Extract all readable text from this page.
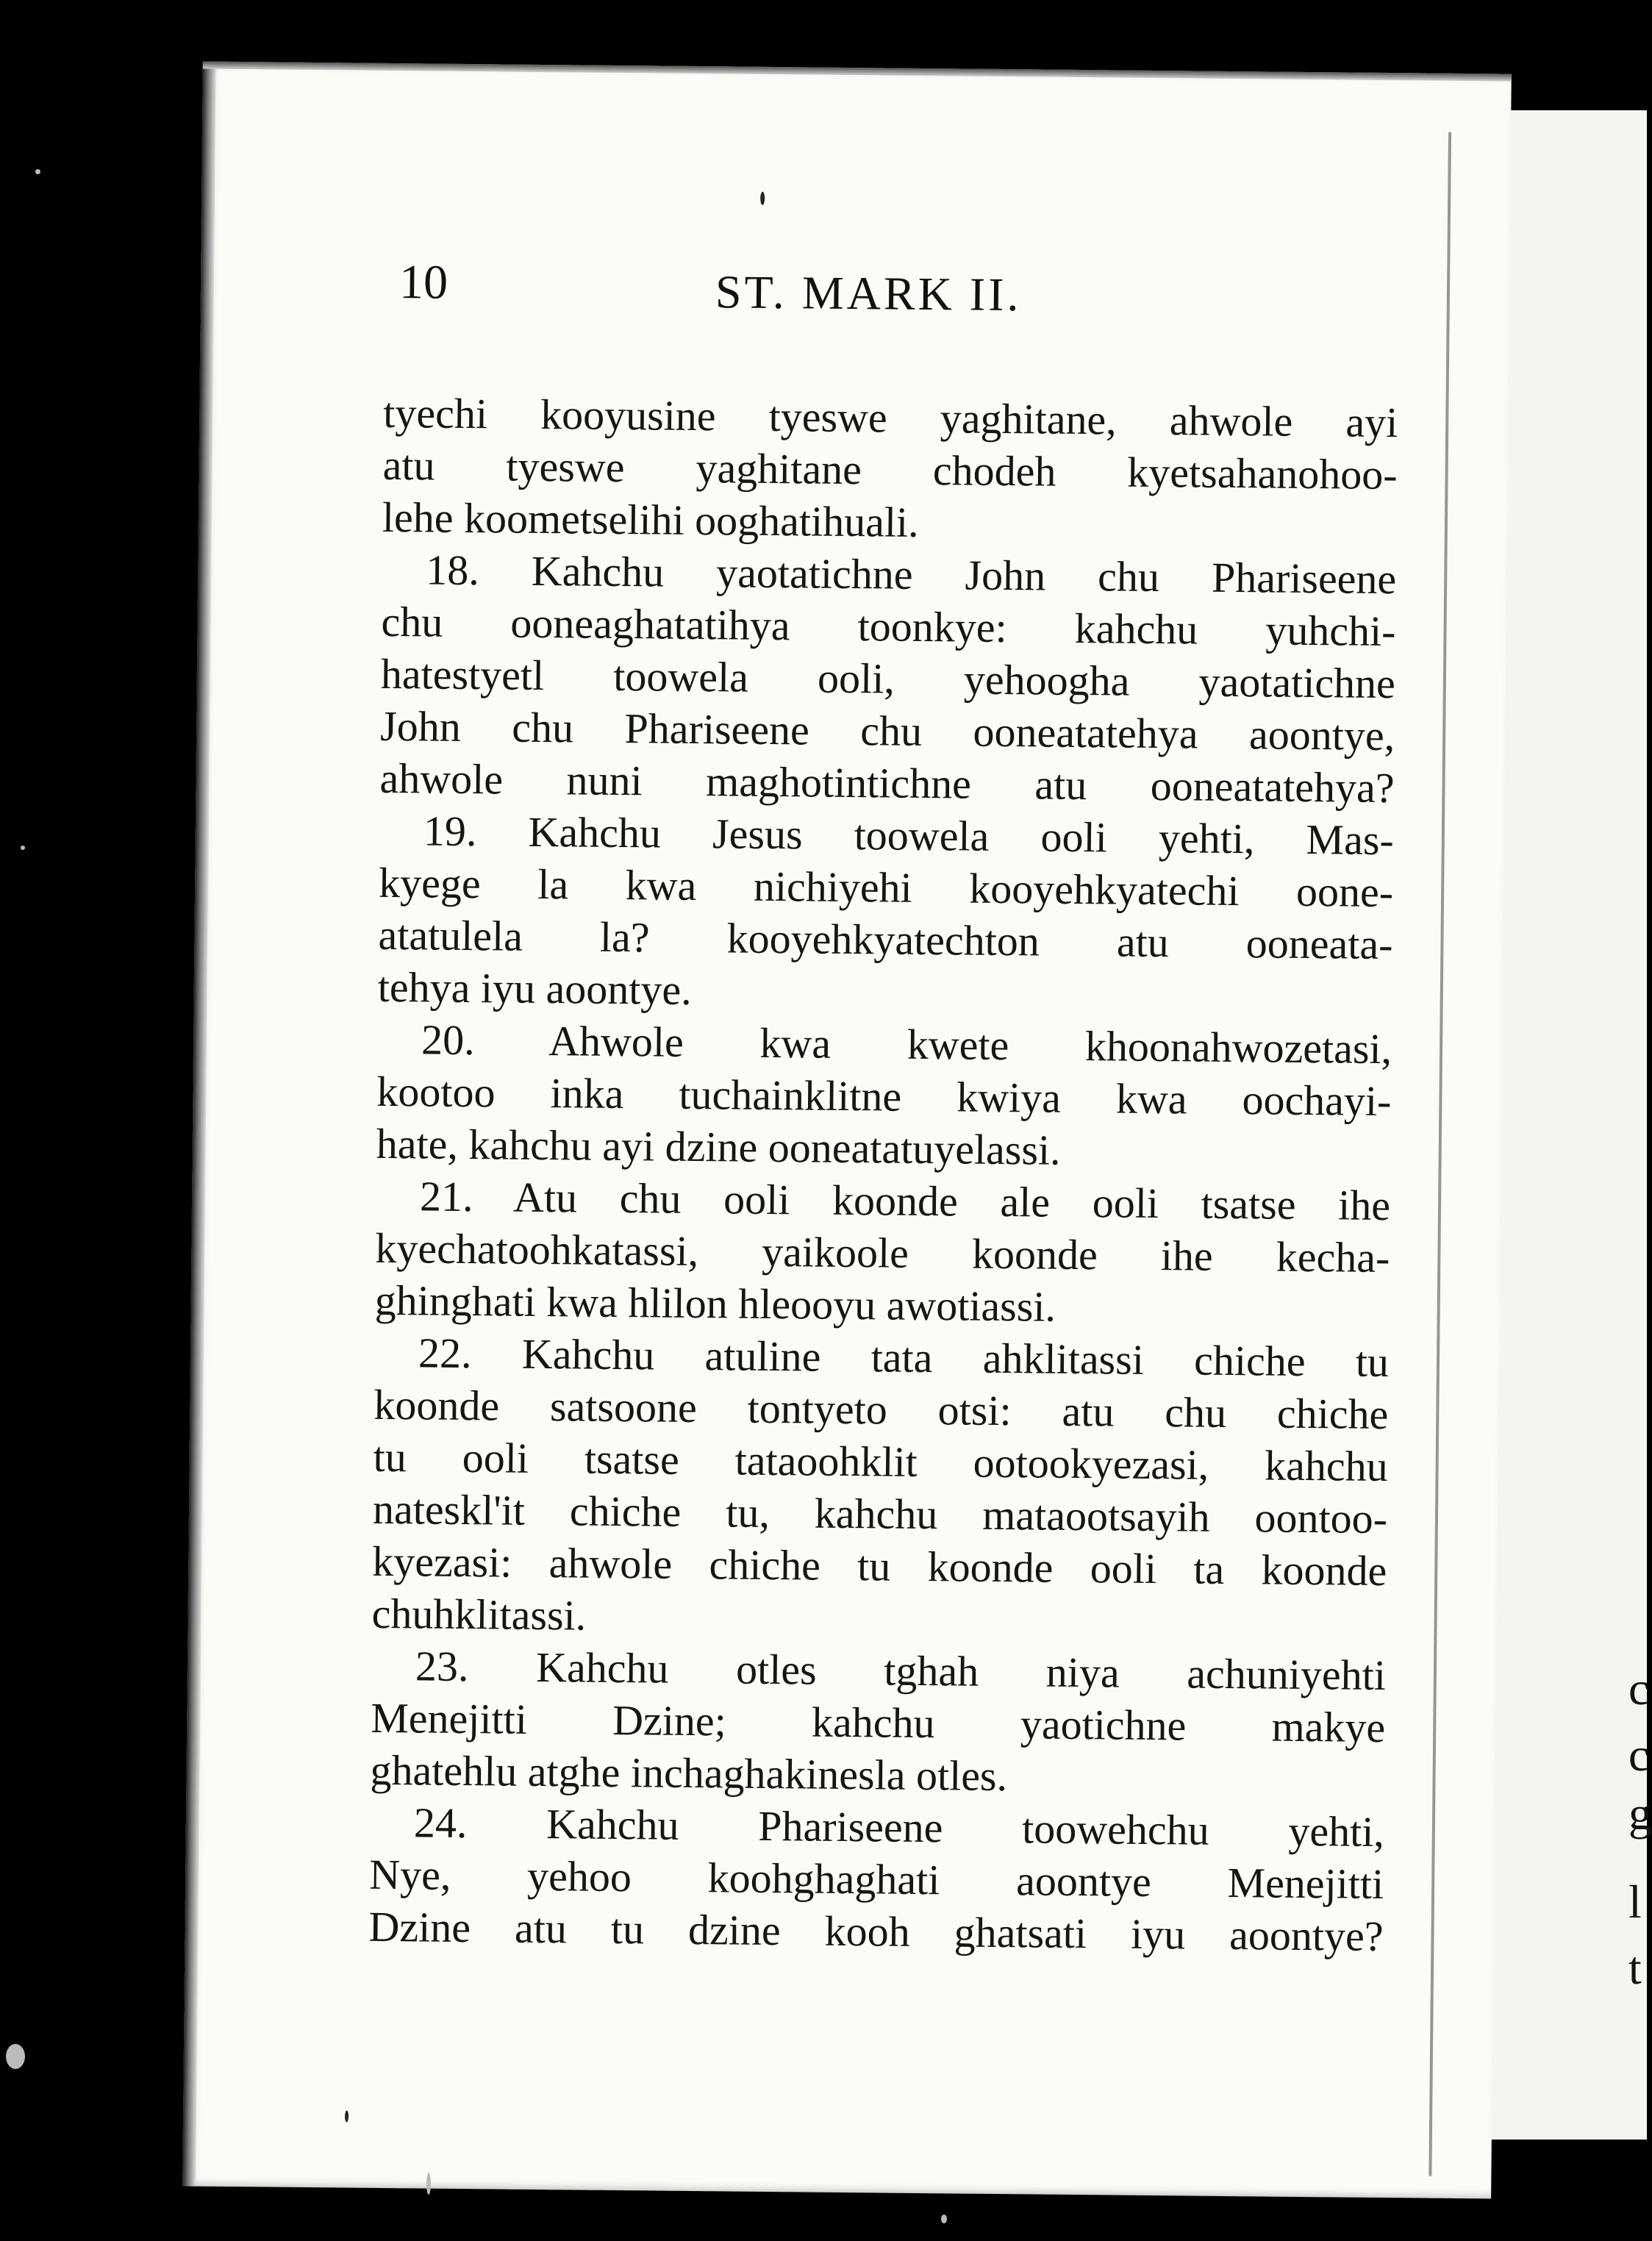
c
c
g
l
t
10	ST. MARK II.
tyechi kooyusine tyeswe yaghitane, ahwole ayi
atu tyeswe yaghitane chodeh kyetsahanohoo-
lehe koometselihi ooghatihuali.
18. Kahchu yaotatichne John chu Phariseene
chu ooneaghatatihya toonkye: kahchu yuhchi-
hatestyetl toowela ooli, yehoogha yaotatichne
John chu Phariseene chu ooneatatehya aoontye,
ahwole nuni maghotintichne atu ooneatatehya?
19. Kahchu Jesus toowela ooli yehti, Mas-
kyege la kwa nichiyehi kooyehkyatechi oone-
atatulela la? kooyehkyatechton atu ooneata-
tehya iyu aoontye.
20. Ahwole kwa kwete khoonahwozetasi,
kootoo inka tuchainklitne kwiya kwa oochayi-
hate, kahchu ayi dzine ooneatatuyelassi.
21. Atu chu ooli koonde ale ooli tsatse ihe
kyechatoohkatassi, yaikoole koonde ihe kecha-
ghinghati kwa hlilon hleooyu awotiassi.
22. Kahchu atuline tata ahklitassi chiche tu
koonde satsoone tontyeto otsi: atu chu chiche
tu ooli tsatse tataoohklit ootookyezasi, kahchu
nateskl'it chiche tu, kahchu mataootsayih oontoo-
kyezasi: ahwole chiche tu koonde ooli ta koonde
chuhklitassi.
23. Kahchu otles tghah niya achuniyehti
Menejitti Dzine; kahchu yaotichne makye
ghatehlu atghe inchaghakinesla otles.
24. Kahchu Phariseene toowehchu yehti,
Nye, yehoo koohghaghati aoontye Menejitti
Dzine atu tu dzine kooh ghatsati iyu aoontye?
